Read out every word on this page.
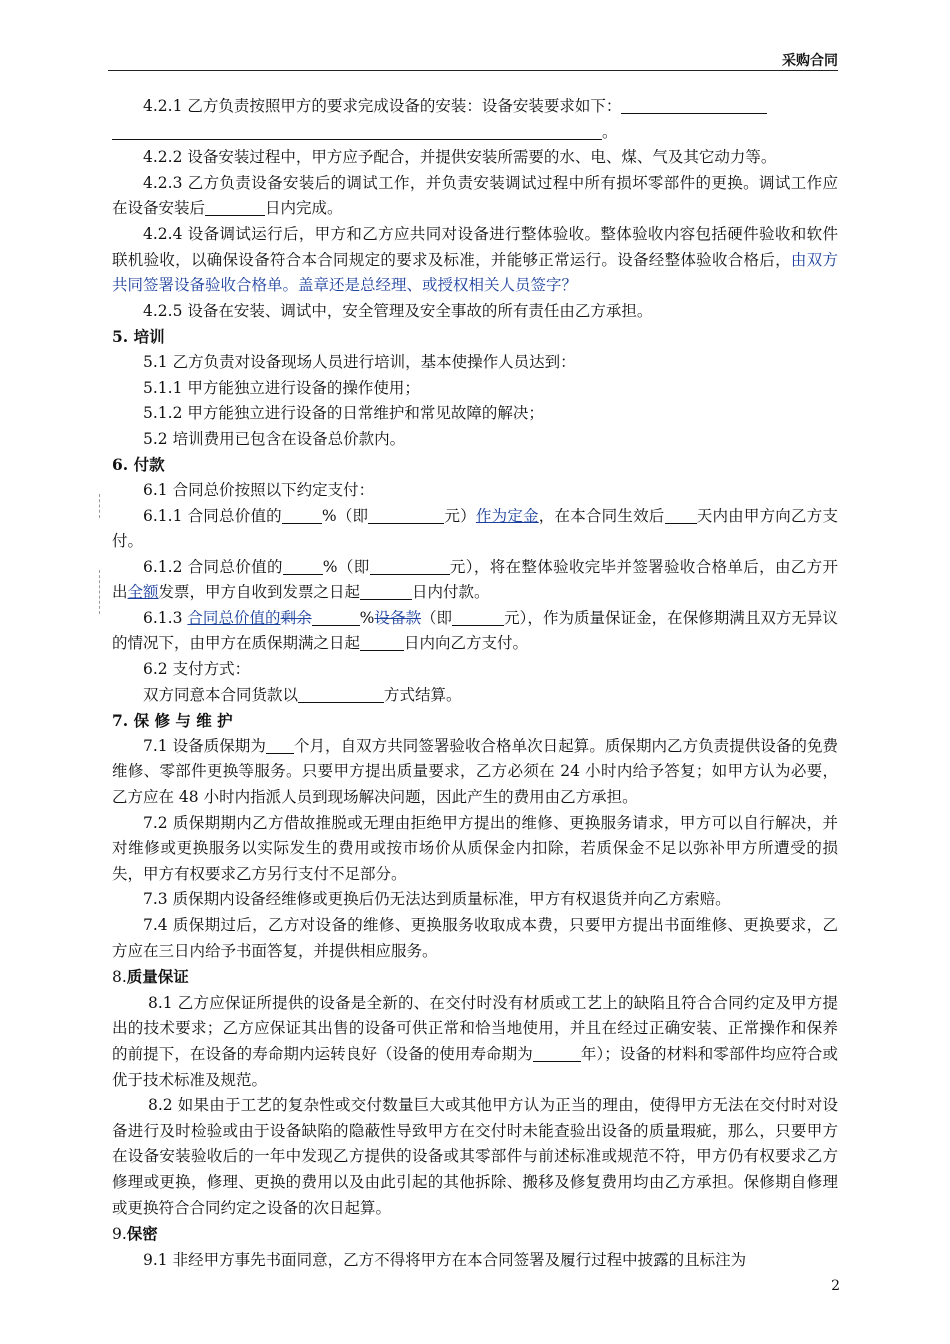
采购合同

4.2.1 乙方负责按照甲方的要求完成设备的安装：设备安装要求如下：

。

4.2.2 设备安装过程中，甲方应予配合，并提供安装所需要的水、电、煤、气及其它动力等。

4.2.3 乙方负责设备安装后的调试工作，并负责安装调试过程中所有损坏零部件的更换。调试工作应在设备安装后	日内完成。

4.2.4 设备调试运行后，甲方和乙方应共同对设备进行整体验收。整体验收内容包括硬件验收和软件联机验收，以确保设备符合本合同规定的要求及标准，并能够正常运行。设备经整体验收合格后，由双方共同签署设备验收合格单。盖章还是总经理、或授权相关人员签字？

4.2.5 设备在安装、调试中，安全管理及安全事故的所有责任由乙方承担。

5. 培训

5.1 乙方负责对设备现场人员进行培训，基本使操作人员达到：

5.1.1 甲方能独立进行设备的操作使用；

5.1.2 甲方能独立进行设备的日常维护和常见故障的解决；

5.2 培训费用已包含在设备总价款内。

6. 付款

6.1 合同总价按照以下约定支付：

6.1.1 合同总价值的	%（即	元）作为定金，在本合同生效后 天内由甲方向乙方支付。

6.1.2 合同总价值的	%（即	元），将在整体验收完毕并签署验收合格单后，由乙方开出全额发票，甲方自收到发票之日起	日内付款。

6.1.3 合同总价值的剩余	%设备款（即	元），作为质量保证金，在保修期满且双方无异议的情况下，由甲方在质保期满之日起	日内向乙方支付。

6.2 支付方式：

双方同意本合同货款以	方式结算。

7. 保 修 与 维 护

7.1 设备质保期为 个月，自双方共同签署验收合格单次日起算。质保期内乙方负责提供设备的免费维修、零部件更换等服务。只要甲方提出质量要求，乙方必须在 24 小时内给予答复；如甲方认为必要，乙方应在 48 小时内指派人员到现场解决问题，因此产生的费用由乙方承担。

7.2 质保期期内乙方借故推脱或无理由拒绝甲方提出的维修、更换服务请求，甲方可以自行解决，并对维修或更换服务以实际发生的费用或按市场价从质保金内扣除，若质保金不足以弥补甲方所遭受的损失，甲方有权要求乙方另行支付不足部分。

7.3 质保期内设备经维修或更换后仍无法达到质量标准，甲方有权退货并向乙方索赔。

7.4 质保期过后，乙方对设备的维修、更换服务收取成本费，只要甲方提出书面维修、更换要求，乙方应在三日内给予书面答复，并提供相应服务。

8.质量保证

8.1 乙方应保证所提供的设备是全新的、在交付时没有材质或工艺上的缺陷且符合合同约定及甲方提出的技术要求；乙方应保证其出售的设备可供正常和恰当地使用，并且在经过正确安装、正常操作和保养的前提下，在设备的寿命期内运转良好（设备的使用寿命期为	年）；设备的材料和零部件均应符合或优于技术标准及规范。

8.2 如果由于工艺的复杂性或交付数量巨大或其他甲方认为正当的理由，使得甲方无法在交付时对设备进行及时检验或由于设备缺陷的隐蔽性导致甲方在交付时未能查验出设备的质量瑕疵，那么，只要甲方在设备安装验收后的一年中发现乙方提供的设备或其零部件与前述标准或规范不符，甲方仍有权要求乙方修理或更换，修理、更换的费用以及由此引起的其他拆除、搬移及修复费用均由乙方承担。保修期自修理或更换符合合同约定之设备的次日起算。

9.保密

9.1 非经甲方事先书面同意，乙方不得将甲方在本合同签署及履行过程中披露的且标注为

2
